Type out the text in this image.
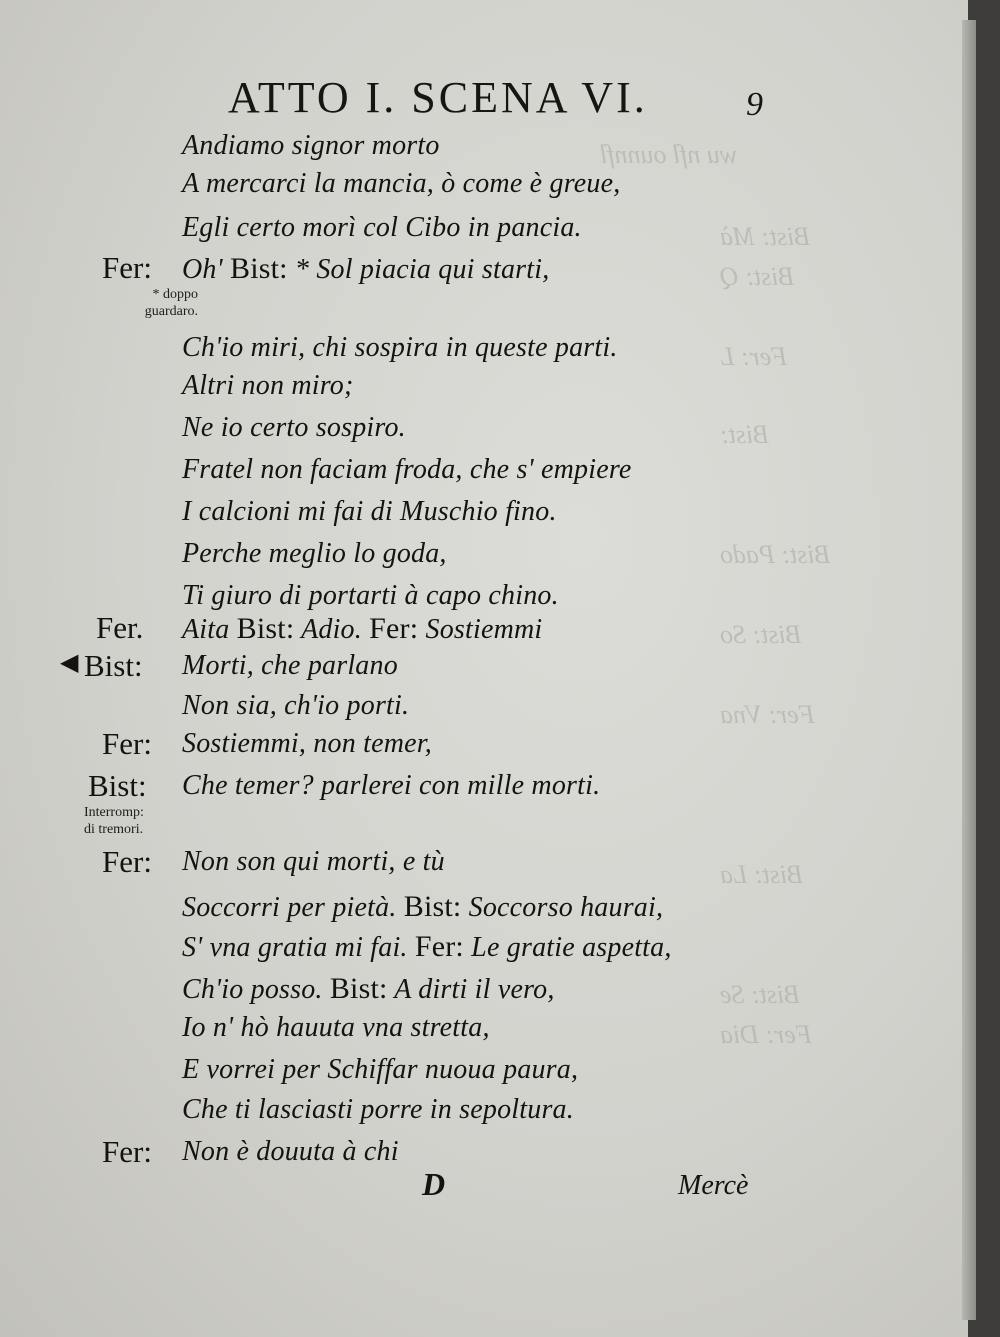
wu nfl ounnfl
Bist: Mà
Bist: Q
Fer: L
Bist:
Bist: Pado
Bist: So
Fer: Vna
Bist: La
Bist: Se
Fer: Dia
ATTO I. SCENA VI.	9
* doppo
guardaro.
Interromp:
di tremori.
◀
Andiamo signor morto
A mercarci la mancia, ò come è greue,
Egli certo morì col Cibo in pancia.
Fer: Oh' Bist: * Sol piacia qui starti,
Ch'io miri, chi sospira in queste parti.
Altri non miro;
Ne io certo sospiro.
Fratel non faciam froda, che s' empiere
I calcioni mi fai di Muschio fino.
Perche meglio lo goda,
Ti giuro di portarti à capo chino.
Fer. Aita Bist: Adio. Fer: Sostiemmi
Bist: Morti, che parlano
Non sia, ch'io porti.
Fer: Sostiemmi, non temer,
Bist: Che temer? parlerei con mille morti.
Fer: Non son qui morti, e tù
Soccorri per pietà. Bist: Soccorso haurai,
S' vna gratia mi fai. Fer: Le gratie aspetta,
Ch'io posso. Bist: A dirti il vero,
Io n' hò hauuta vna stretta,
E vorrei per Schiffar nuoua paura,
Che ti lasciasti porre in sepoltura.
Fer: Non è douuta à chi
D	Mercè
